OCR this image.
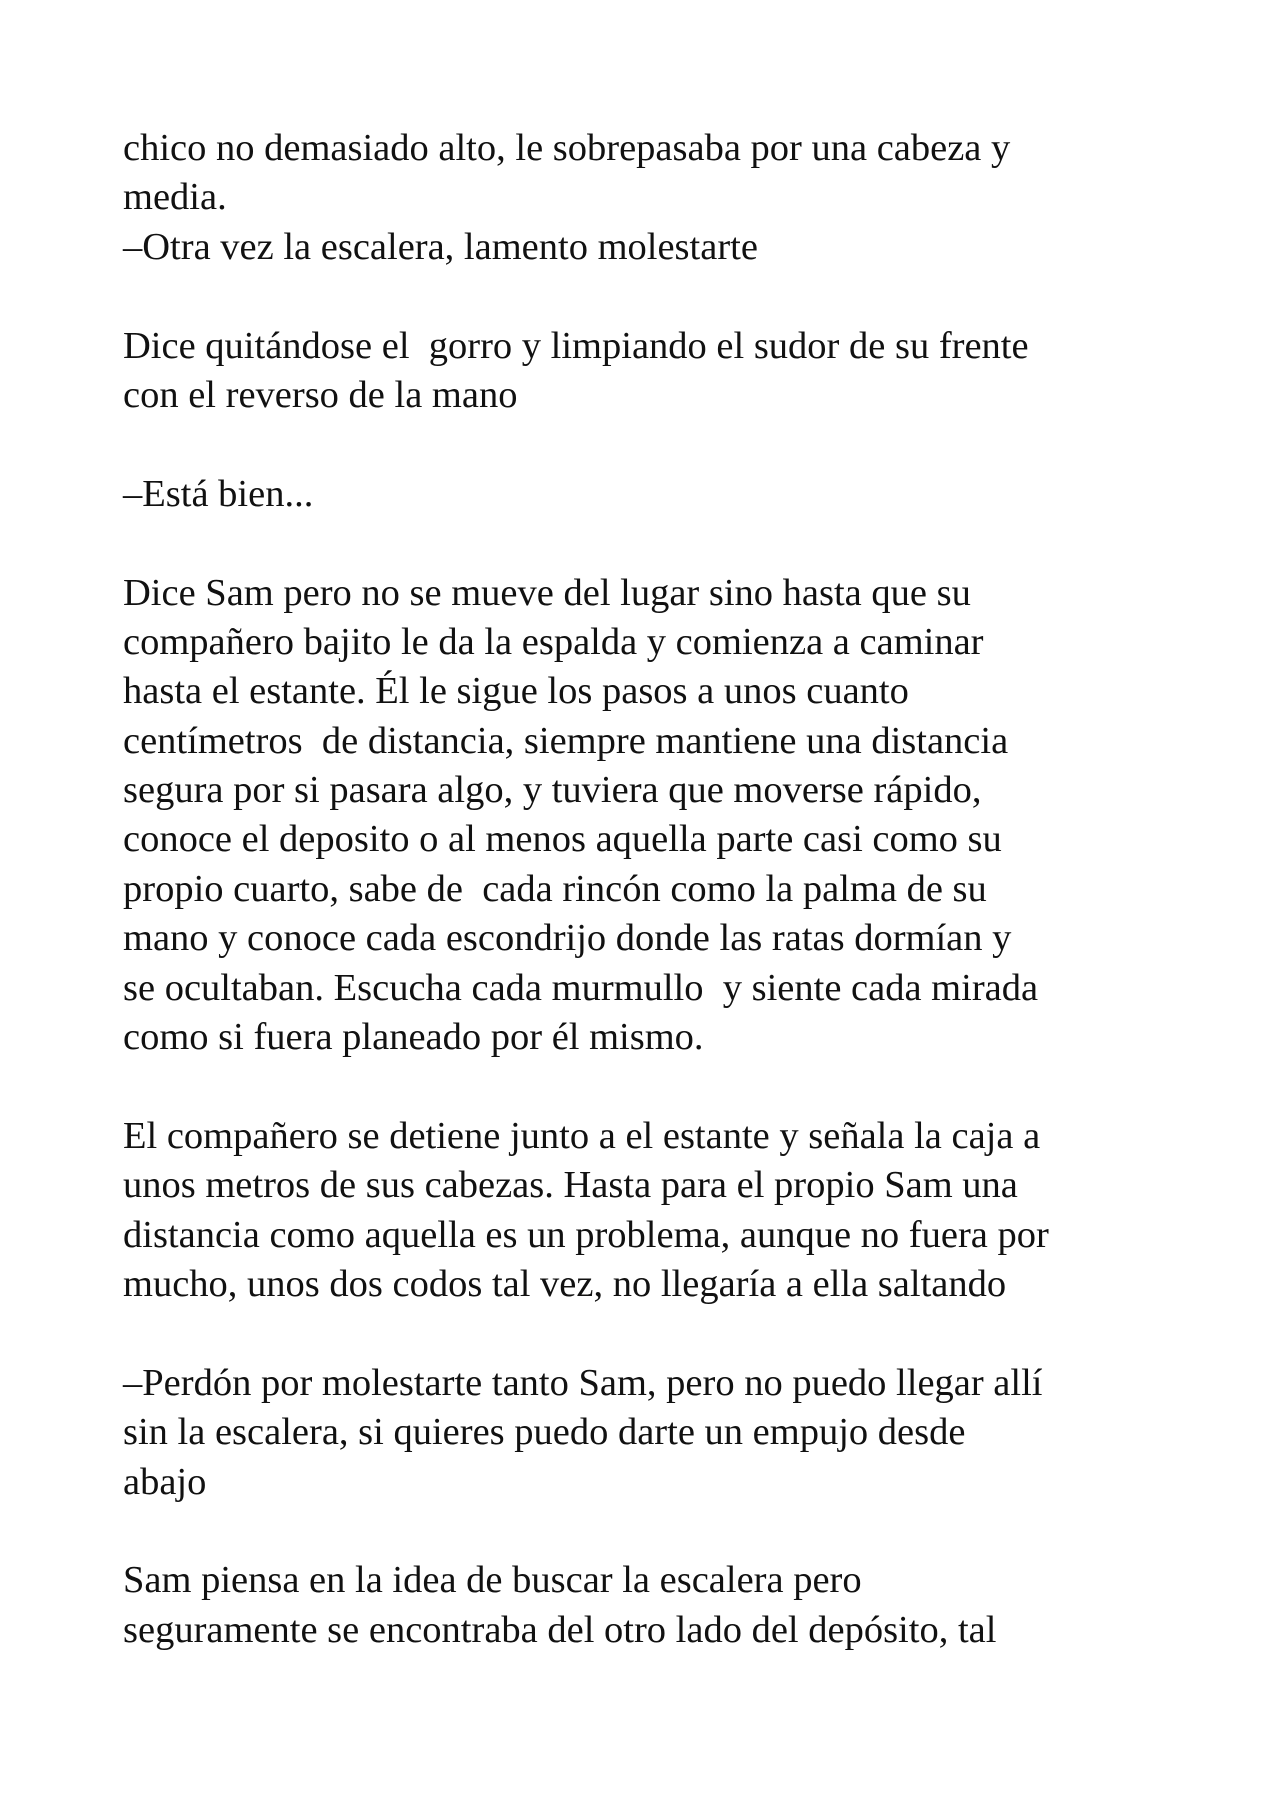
chico no demasiado alto, le sobrepasaba por una cabeza y
media.
–Otra vez la escalera, lamento molestarte
Dice quitándose el  gorro y limpiando el sudor de su frente
con el reverso de la mano
–Está bien...
Dice Sam pero no se mueve del lugar sino hasta que su
compañero bajito le da la espalda y comienza a caminar
hasta el estante. Él le sigue los pasos a unos cuanto
centímetros  de distancia, siempre mantiene una distancia
segura por si pasara algo, y tuviera que moverse rápido,
conoce el deposito o al menos aquella parte casi como su
propio cuarto, sabe de  cada rincón como la palma de su
mano y conoce cada escondrijo donde las ratas dormían y
se ocultaban. Escucha cada murmullo  y siente cada mirada
como si fuera planeado por él mismo.
El compañero se detiene junto a el estante y señala la caja a
unos metros de sus cabezas. Hasta para el propio Sam una
distancia como aquella es un problema, aunque no fuera por
mucho, unos dos codos tal vez, no llegaría a ella saltando
–Perdón por molestarte tanto Sam, pero no puedo llegar allí
sin la escalera, si quieres puedo darte un empujo desde
abajo
Sam piensa en la idea de buscar la escalera pero
seguramente se encontraba del otro lado del depósito, tal
